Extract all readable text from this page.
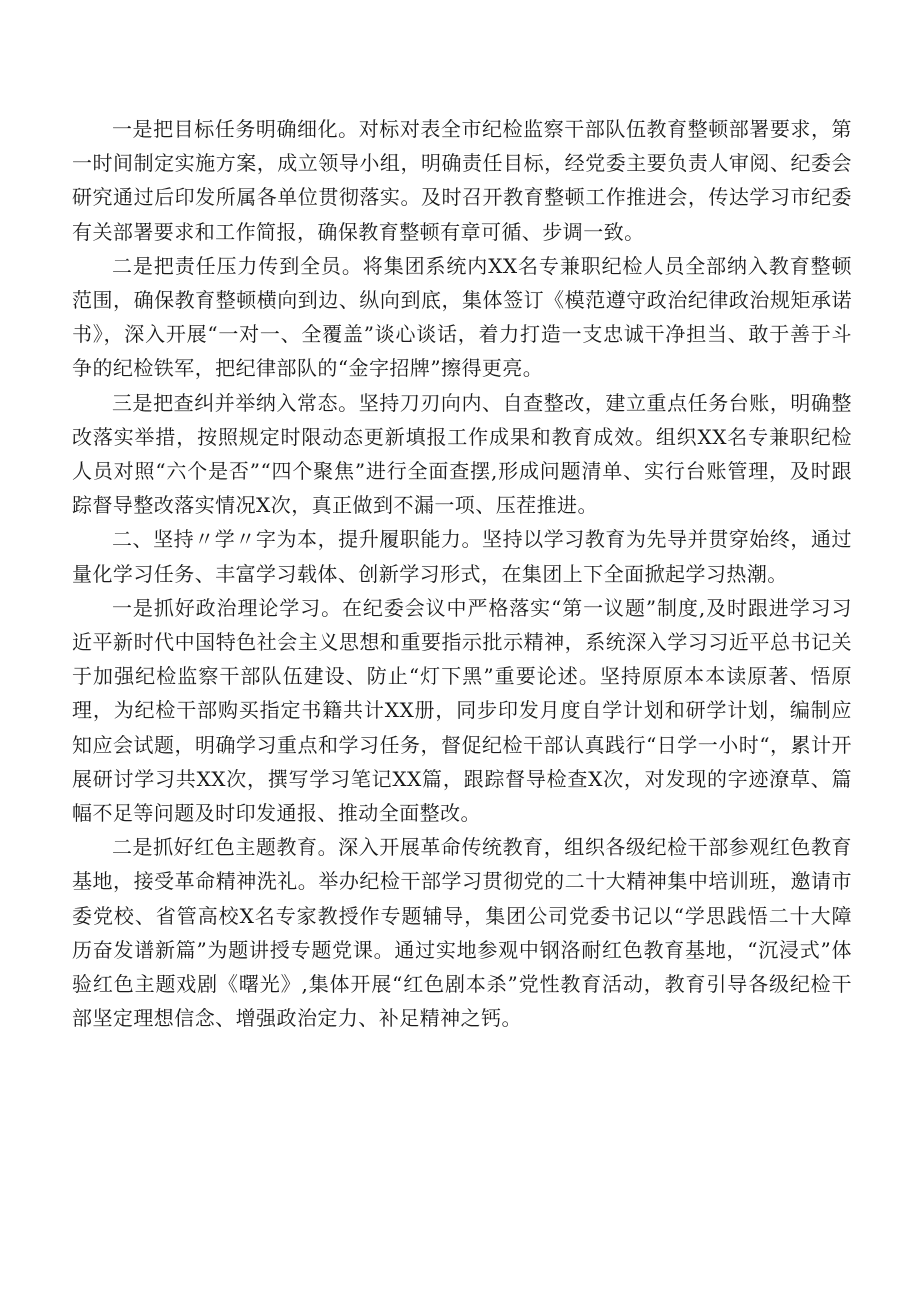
一是把目标任务明确细化。对标对表全市纪检监察干部队伍教育整顿部署要求，第一时间制定实施方案，成立领导小组，明确责任目标，经党委主要负责人审阅、纪委会研究通过后印发所属各单位贯彻落实。及时召开教育整顿工作推进会，传达学习市纪委有关部署要求和工作简报，确保教育整顿有章可循、步调一致。

二是把责任压力传到全员。将集团系统内XX名专兼职纪检人员全部纳入教育整顿范围，确保教育整顿横向到边、纵向到底，集体签订《模范遵守政治纪律政治规矩承诺书》，深入开展“一对一、全覆盖”谈心谈话，着力打造一支忠诚干净担当、敢于善于斗争的纪检铁军，把纪律部队的“金字招牌”擦得更亮。

三是把查纠并举纳入常态。坚持刀刃向内、自查整改，建立重点任务台账，明确整改落实举措，按照规定时限动态更新填报工作成果和教育成效。组织XX名专兼职纪检人员对照“六个是否”“四个聚焦”进行全面查摆,形成问题清单、实行台账管理，及时跟踪督导整改落实情况X次，真正做到不漏一项、压茬推进。

二、坚持〃学〃字为本，提升履职能力。坚持以学习教育为先导并贯穿始终，通过量化学习任务、丰富学习载体、创新学习形式，在集团上下全面掀起学习热潮。

一是抓好政治理论学习。在纪委会议中严格落实“第一议题”制度,及时跟进学习习近平新时代中国特色社会主义思想和重要指示批示精神，系统深入学习习近平总书记关于加强纪检监察干部队伍建设、防止“灯下黑”重要论述。坚持原原本本读原著、悟原理，为纪检干部购买指定书籍共计XX册，同步印发月度自学计划和研学计划，编制应知应会试题，明确学习重点和学习任务，督促纪检干部认真践行“日学一小时“，累计开展研讨学习共XX次，撰写学习笔记XX篇，跟踪督导检查X次，对发现的字迹潦草、篇幅不足等问题及时印发通报、推动全面整改。

二是抓好红色主题教育。深入开展革命传统教育，组织各级纪检干部参观红色教育基地，接受革命精神洗礼。举办纪检干部学习贯彻党的二十大精神集中培训班，邀请市委党校、省管高校X名专家教授作专题辅导，集团公司党委书记以“学思践悟二十大障历奋发谱新篇”为题讲授专题党课。通过实地参观中钢洛耐红色教育基地，“沉浸式”体验红色主题戏剧《曙光》,集体开展“红色剧本杀”党性教育活动，教育引导各级纪检干部坚定理想信念、增强政治定力、补足精神之钙。
